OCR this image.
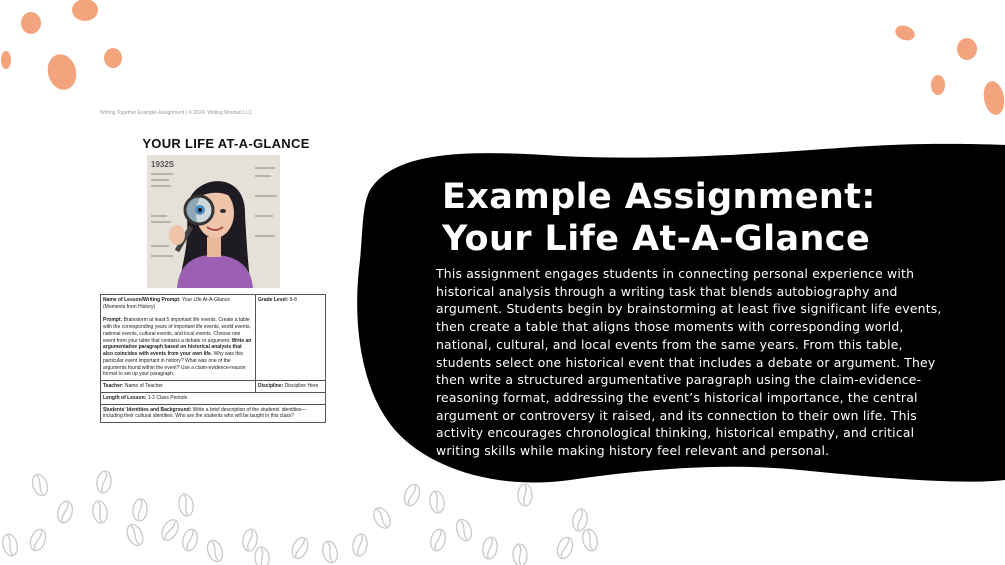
Writing Together Example Assignment | © 2024: Writing Mindset LLC
YOUR LIFE AT-A-GLANCE
1932S
Name of Lesson/Writing Prompt: Your Life At-A-Glance (Moments from History)

Prompt: Brainstorm at least 5 important life events. Create a table with the corresponding years of important life events, world events, national events, cultural events, and local events. Choose one event from your table that contains a debate or argument. Write an argumentative paragraph based on historical analysis that also coincides with events from your own life. Why was this particular event important in history? What was one of the arguments found within the event? Use a claim-evidence-reason format to set up your paragraph.	Grade Level: 6-8
Teacher: Name of Teacher	Discipline: Discipline Here
Length of Lesson: 1-2 Class Periods	
Students’ Identities and Background: Write a brief description of the students’ identities—including their cultural identities. Who are the students who will be taught in this class?	
Example Assignment:
Your Life At-A-Glance
This assignment engages students in connecting personal experience with historical analysis through a writing task that blends autobiography and argument. Students begin by brainstorming at least five significant life events, then create a table that aligns those moments with corresponding world, national, cultural, and local events from the same years. From this table, students select one historical event that includes a debate or argument. They then write a structured argumentative paragraph using the claim-evidence-reasoning format, addressing the event’s historical importance, the central argument or controversy it raised, and its connection to their own life. This activity encourages chronological thinking, historical empathy, and critical writing skills while making history feel relevant and personal.
